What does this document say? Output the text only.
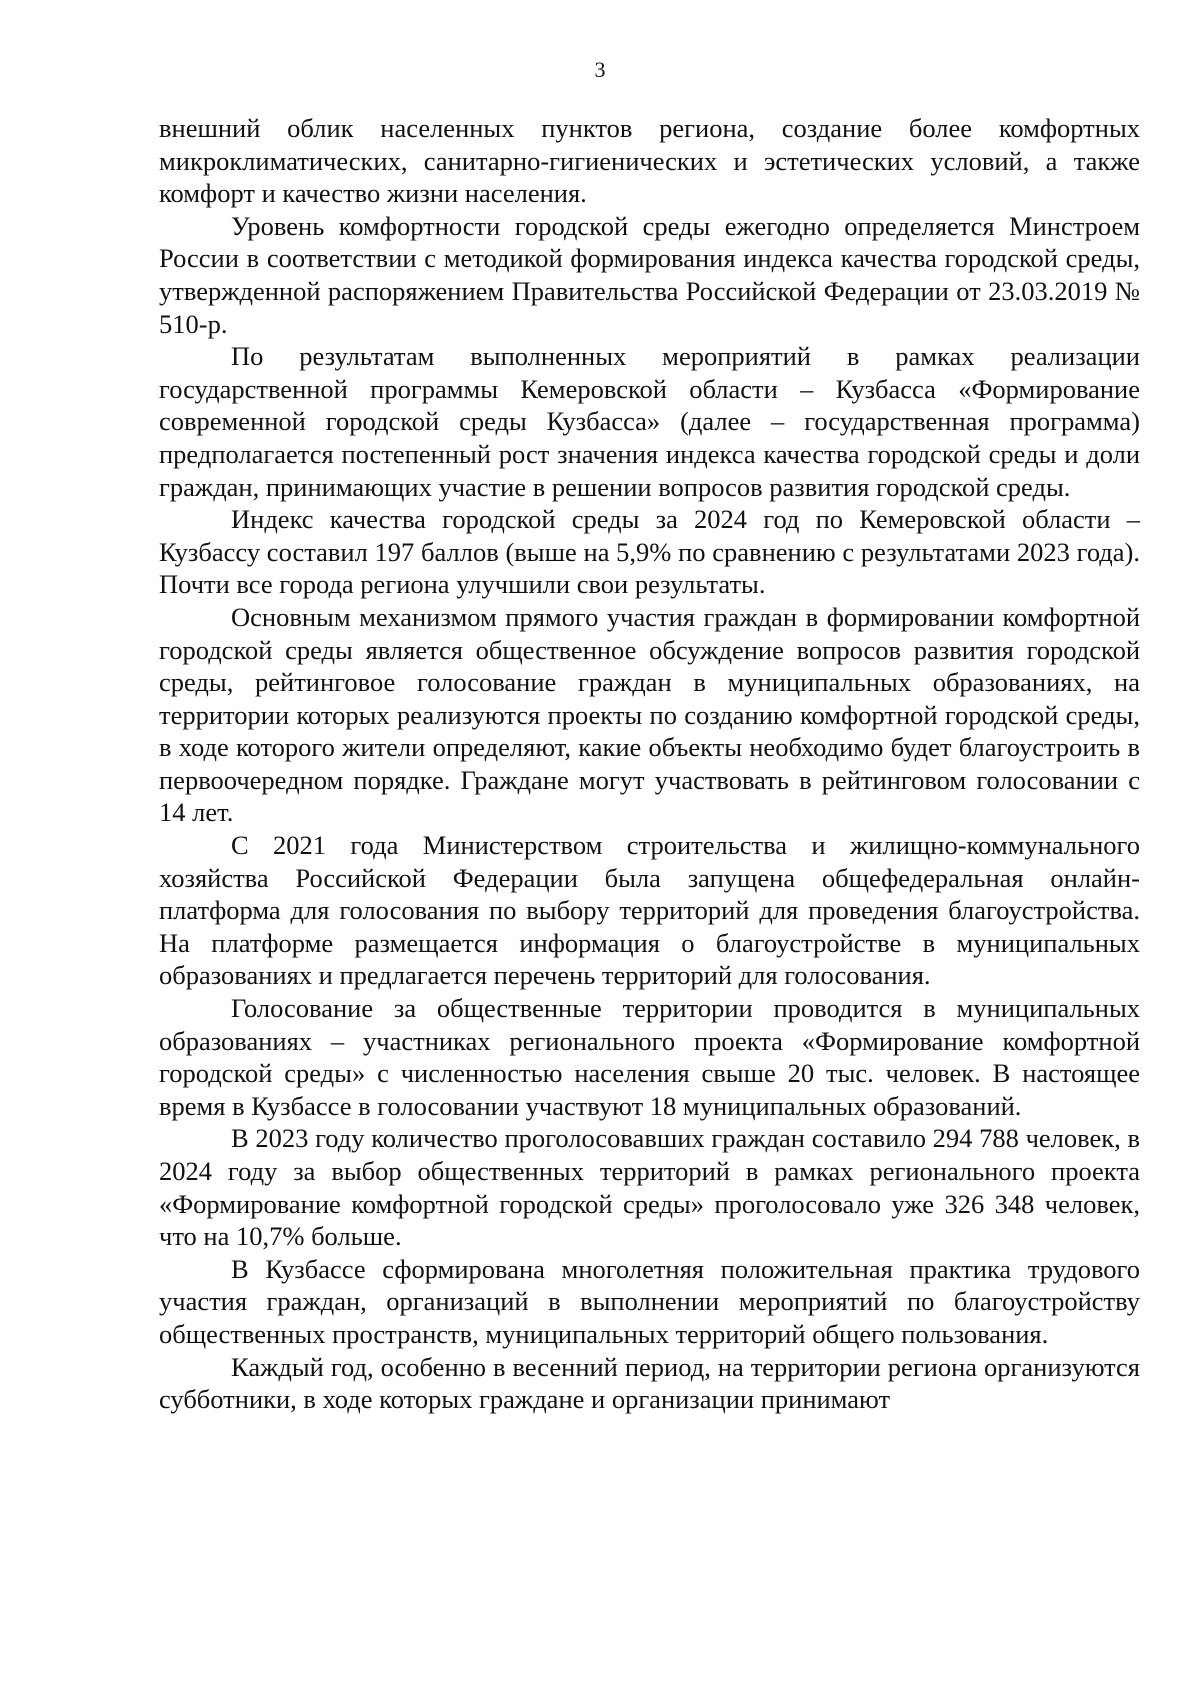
3

внешний облик населенных пунктов региона, создание более комфортных микроклиматических, санитарно-гигиенических и эстетических условий, а также комфорт и качество жизни населения.

Уровень комфортности городской среды ежегодно определяется Минстроем России в соответствии с методикой формирования индекса качества городской среды, утвержденной распоряжением Правительства Российской Федерации от 23.03.2019 № 510-р.

По результатам выполненных мероприятий в рамках реализации государственной программы Кемеровской области – Кузбасса «Формирование современной городской среды Кузбасса» (далее – государственная программа) предполагается постепенный рост значения индекса качества городской среды и доли граждан, принимающих участие в решении вопросов развития городской среды.

Индекс качества городской среды за 2024 год по Кемеровской области – Кузбассу составил 197 баллов (выше на 5,9% по сравнению с результатами 2023 года). Почти все города региона улучшили свои результаты.

Основным механизмом прямого участия граждан в формировании комфортной городской среды является общественное обсуждение вопросов развития городской среды, рейтинговое голосование граждан в муниципальных образованиях, на территории которых реализуются проекты по созданию комфортной городской среды, в ходе которого жители определяют, какие объекты необходимо будет благоустроить в первоочередном порядке. Граждане могут участвовать в рейтинговом голосовании с 14 лет.

С 2021 года Министерством строительства и жилищно-коммунального хозяйства Российской Федерации была запущена общефедеральная онлайн-платформа для голосования по выбору территорий для проведения благоустройства. На платформе размещается информация о благоустройстве в муниципальных образованиях и предлагается перечень территорий для голосования.

Голосование за общественные территории проводится в муниципальных образованиях – участниках регионального проекта «Формирование комфортной городской среды» с численностью населения свыше 20 тыс. человек. В настоящее время в Кузбассе в голосовании участвуют 18 муниципальных образований.

В 2023 году количество проголосовавших граждан составило 294 788 человек, в 2024 году за выбор общественных территорий в рамках регионального проекта «Формирование комфортной городской среды» проголосовало уже 326 348 человек, что на 10,7% больше.

В Кузбассе сформирована многолетняя положительная практика трудового участия граждан, организаций в выполнении мероприятий по благоустройству общественных пространств, муниципальных территорий общего пользования.

Каждый год, особенно в весенний период, на территории региона организуются субботники, в ходе которых граждане и организации принимают
